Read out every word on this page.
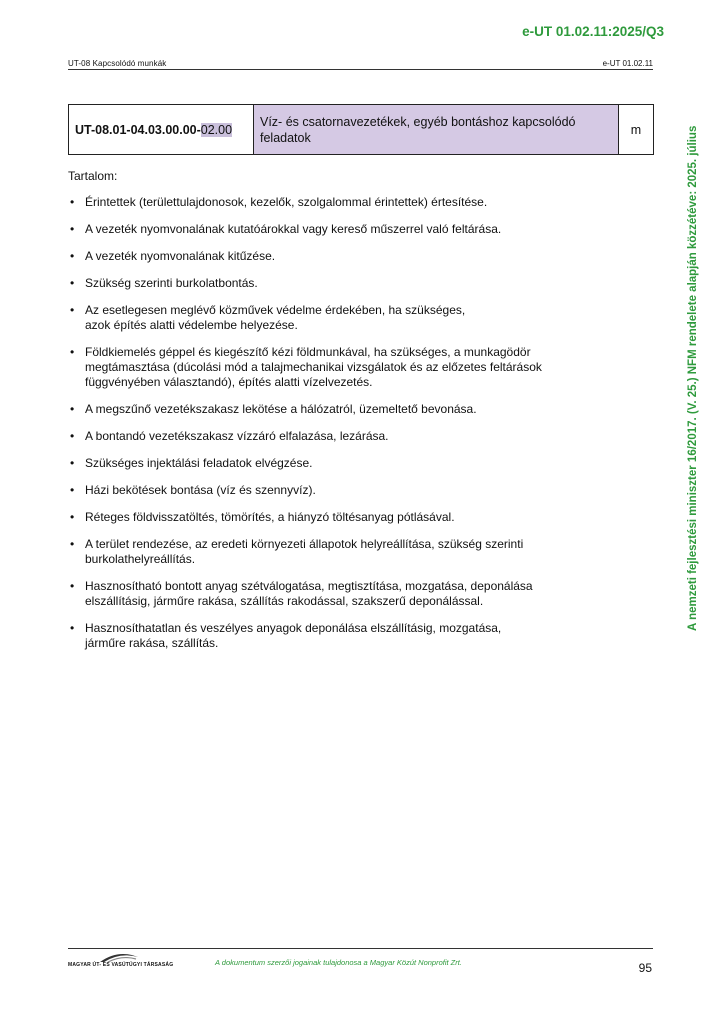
e-UT 01.02.11:2025/Q3
UT-08 Kapcsolódó munkák	e-UT 01.02.11
UT-08.01-04.03.00.00-02.00	Víz- és csatornavezetékek, egyéb bontáshoz kapcsolódó feladatok	m	A nemzeti fejlesztési miniszter 16/2017. (V. 25.) NFM rendelete alapján közzétéve: 2025. július
Tartalom:
• Érintettek (területtulajdonosok, kezelők, szolgalommal érintettek) értesítése.
• A vezeték nyomvonalának kutatóárokkal vagy kereső műszerrel való feltárása.
• A vezeték nyomvonalának kitűzése.
• Szükség szerinti burkolatbontás.
• Az esetlegesen meglévő közművek védelme érdekében, ha szükséges,
azok építés alatti védelembe helyezése.
• Földkiemelés géppel és kiegészítő kézi földmunkával, ha szükséges, a munkagödör
megtámasztása (dúcolási mód a talajmechanikai vizsgálatok és az előzetes feltárások
függvényében választandó), építés alatti vízelvezetés.
• A megszűnő vezetékszakasz lekötése a hálózatról, üzemeltető bevonása.
• A bontandó vezetékszakasz vízzáró elfalazása, lezárása.
• Szükséges injektálási feladatok elvégzése.
• Házi bekötések bontása (víz és szennyvíz).
• Réteges földvisszatöltés, tömörítés, a hiányzó töltésanyag pótlásával.
• A terület rendezése, az eredeti környezeti állapotok helyreállítása, szükség szerinti
burkolathelyreállítás.
• Hasznosítható bontott anyag szétválogatása, megtisztítása, mozgatása, deponálása
elszállításig, járműre rakása, szállítás rakodással, szakszerű deponálással.
• Hasznosíthatatlan és veszélyes anyagok deponálása elszállításig, mozgatása,
járműre rakása, szállítás.
MAGYAR ÚT- ÉS VASÚTÜGYI TÁRSASÁG	A dokumentum szerzői jogainak tulajdonosa a Magyar Közút Nonprofit Zrt.	95
